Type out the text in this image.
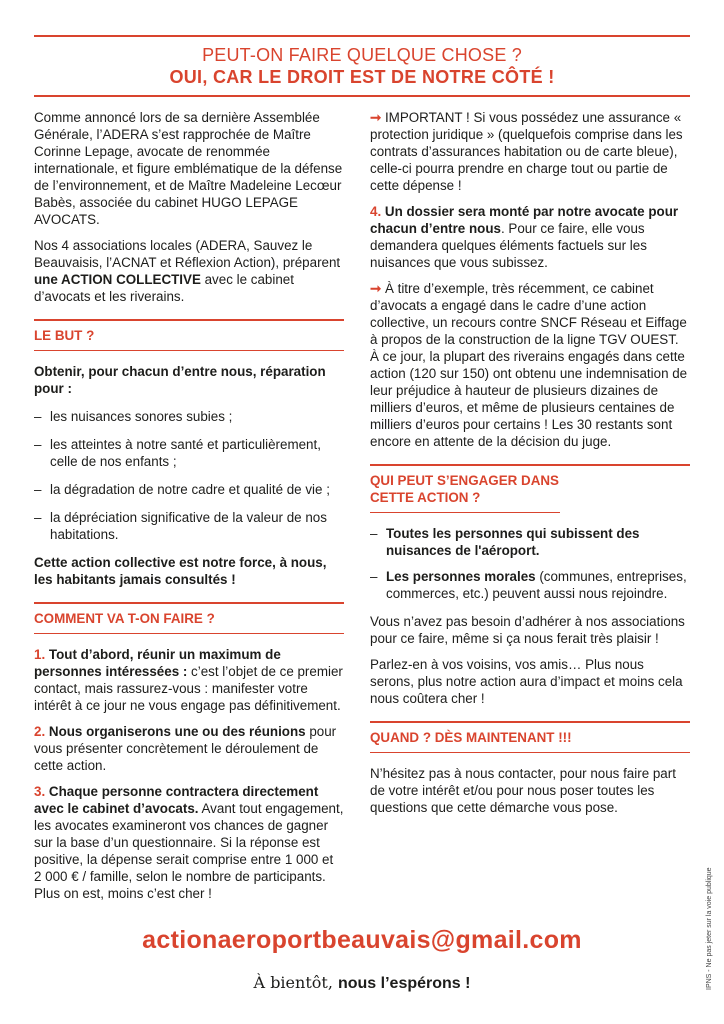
PEUT-ON FAIRE QUELQUE CHOSE ?
OUI, CAR LE DROIT EST DE NOTRE CÔTÉ !

Comme annoncé lors de sa dernière Assemblée Générale, l’ADERA s’est rapprochée de Maître Corinne Lepage, avocate de renommée internationale, et figure emblématique de la défense de l’environnement, et de Maître Madeleine Lecœur Babès, associée du cabinet HUGO LEPAGE AVOCATS.

Nos 4 associations locales (ADERA, Sauvez le Beauvaisis, l’ACNAT et Réflexion Action), préparent une ACTION COLLECTIVE avec le cabinet d’avocats et les riverains.

LE BUT ?

Obtenir, pour chacun d’entre nous, réparation pour :

– les nuisances sonores subies ;
– les atteintes à notre santé et particulièrement, celle de nos enfants ;
– la dégradation de notre cadre et qualité de vie ;
– la dépréciation significative de la valeur de nos habitations.

Cette action collective est notre force, à nous, les habitants jamais consultés !

COMMENT VA T-ON FAIRE ?

1. Tout d’abord, réunir un maximum de personnes intéressées : c’est l’objet de ce premier contact, mais rassurez-vous : manifester votre intérêt à ce jour ne vous engage pas définitivement.

2. Nous organiserons une ou des réunions pour vous présenter concrètement le déroulement de cette action.

3. Chaque personne contractera directement avec le cabinet d’avocats. Avant tout engagement, les avocates examineront vos chances de gagner sur la base d’un questionnaire. Si la réponse est positive, la dépense serait comprise entre 1 000 et 2 000 € / famille, selon le nombre de participants. Plus on est, moins c’est cher !

➞ IMPORTANT ! Si vous possédez une assurance « protection juridique » (quelquefois comprise dans les contrats d’assurances habitation ou de carte bleue), celle-ci pourra prendre en charge tout ou partie de cette dépense !

4. Un dossier sera monté par notre avocate pour chacun d’entre nous. Pour ce faire, elle vous demandera quelques éléments factuels sur les nuisances que vous subissez.

➞ À titre d’exemple, très récemment, ce cabinet d’avocats a engagé dans le cadre d’une action collective, un recours contre SNCF Réseau et Eiffage à propos de la construction de la ligne TGV OUEST.

À ce jour, la plupart des riverains engagés dans cette action (120 sur 150) ont obtenu une indemnisation de leur préjudice à hauteur de plusieurs dizaines de milliers d’euros, et même de plusieurs centaines de milliers d’euros pour certains ! Les 30 restants sont encore en attente de la décision du juge.

QUI PEUT S’ENGAGER DANS CETTE ACTION ?
– Toutes les personnes qui subissent des nuisances de l'aéroport.
– Les personnes morales (communes, entreprises, commerces, etc.) peuvent aussi nous rejoindre.

Vous n’avez pas besoin d’adhérer à nos associations pour ce faire, même si ça nous ferait très plaisir !

Parlez-en à vos voisins, vos amis… Plus nous serons, plus notre action aura d’impact et moins cela nous coûtera cher !

QUAND ? DÈS MAINTENANT !!!

N’hésitez pas à nous contacter, pour nous faire part de votre intérêt et/ou pour nous poser toutes les questions que cette démarche vous pose.

actionaeroportbeauvais@gmail.com
À bientôt, nous l’espérons !	IPNS - Ne pas jeter sur la voie publique
